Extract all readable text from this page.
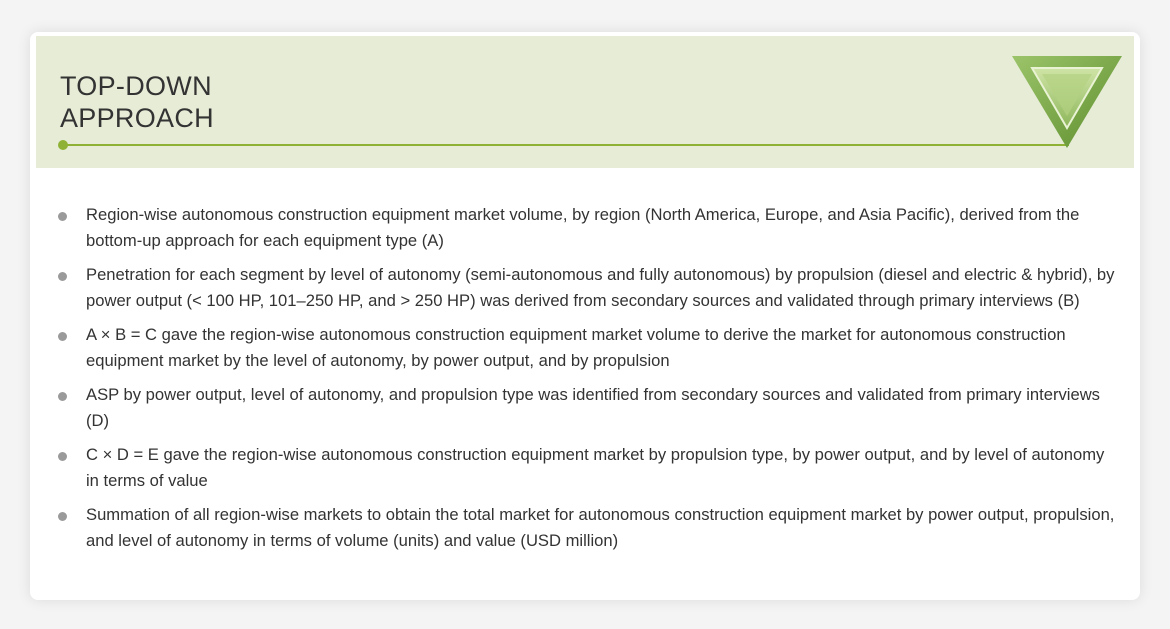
TOP-DOWN
APPROACH
Region-wise autonomous construction equipment market volume, by region (North America, Europe, and Asia Pacific), derived from the bottom-up approach for each equipment type (A)
Penetration for each segment by level of autonomy (semi-autonomous and fully autonomous) by propulsion (diesel and electric & hybrid), by power output (< 100 HP, 101–250 HP, and > 250 HP) was derived from secondary sources and validated through primary interviews (B)
A × B = C gave the region-wise autonomous construction equipment market volume to derive the market for autonomous construction equipment market by the level of autonomy, by power output, and by propulsion
ASP by power output, level of autonomy, and propulsion type was identified from secondary sources and validated from primary interviews (D)
C × D = E gave the region-wise autonomous construction equipment market by propulsion type, by power output, and by level of autonomy in terms of value
Summation of all region-wise markets to obtain the total market for autonomous construction equipment market by power output, propulsion, and level of autonomy in terms of volume (units) and value (USD million)
